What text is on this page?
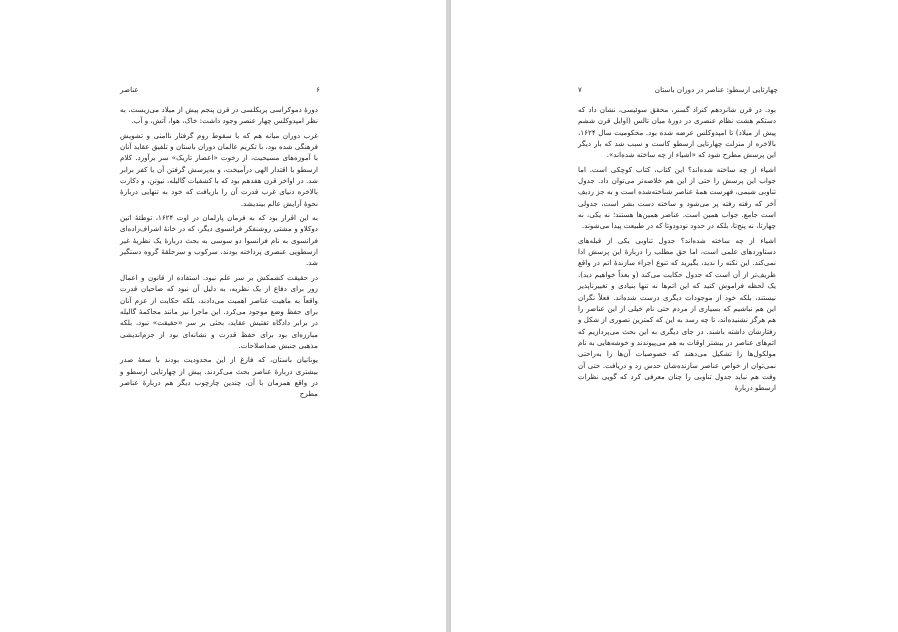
عناصر	۶

دورهٔ دموکراسی پریکلسی در قرن پنجم پیش از میلاد می‌زیست، به نظر امپدوکلس چهار عنصر وجود داشت: خاک، هوا، آتش، و آب.

غرب دوران میانه هم که با سقوط روم گرفتار ناامنی و تشویش فرهنگی شده بود، با تکریم عالمان دوران باستان و تلفیق عقاید آنان با آموزه‌های مسیحیت، از رخوت «اعصار تاریک» سر برآورد. کلام ارسطو با اقتدار الهی درآمیخت، و به‌پرسش گرفتن آن با کفر برابر شد. در اواخر قرن هفدهم بود که با کشفیات گالیله، نیوتن، و دکارت بالاخره دنیای غرب قدرت آن را بازیافت که خود به تنهایی دربارهٔ نحوهٔ آرایش عالم بیندیشد.

به این اقرار بود که به فرمان پارلمان در اوت ۱۶۲۴، توطئهٔ اتین دو‌کلاو و مشتی روشنفکر فرانسوی دیگر، که در خانهٔ اشراف‌زاده‌ای فرانسوی به نام فرانسوا دو سوسی به بحث دربارهٔ یک نظریهٔ غیر ارسطویی عنصری پرداخته بودند، سرکوب و سرحلقهٔ گروه دستگیر شد.

در حقیقت کشمکش بر سر علم نبود. استفاده از قانون و اعمال زور برای دفاع از یک نظریه، به دلیل آن نبود که صاحبان قدرت واقعاً به ماهیت عناصر اهمیت می‌دادند، بلکه حکایت از عزم آنان برای حفظ وضع موجود می‌کرد. این ماجرا نیز مانند محاکمهٔ گالیله در برابر دادگاه تفتیش عقاید، بحثی بر سر «حقیقت» نبود، بلکه مبارزه‌ای بود برای حفظ قدرت و نشانه‌ای بود از جزم‌اندیشی مذهبی جنبش ضداصلاحات.

یونانیان باستان، که فارغ از این محدودیت بودند با سعهٔ صدر بیشتری دربارهٔ عناصر بحث می‌کردند. پیش از چهارتایی ارسطو و در واقع همزمان با آن، چندین چارچوب دیگر هم دربارهٔ عناصر مطرح

۷	چهارتایی ارسطو: عناصر در دوران باستان

بود. در قرن شانزدهم کنراد گسنر، محقق سوئیسی، نشان داد که دستکم هشت نظام عنصری در دورهٔ میان تالس (اوایل قرن ششم پیش از میلاد) تا امپدوکلس عرضه شده بود. محکومیت سال ۱۶۲۴، بالاخره از منزلت چهارتایی ارسطو کاست و سبب شد که بار دیگر این پرسش مطرح شود که «اشیاء از چه ساخته شده‌اند».

اشیاء از چه ساخته شده‌اند؟ این کتاب، کتاب کوچکی است. اما جواب این پرسش را حتی از این هم خلاصه‌تر می‌توان داد. جدول تناوبی شیمی، فهرست همهٔ عناصر شناخته‌شده است و به جز ردیف آخر که رفته رفته پر می‌شود و ساخته دست بشر است، جدولی است جامع. جواب همین است. عناصر همین‌ها هستند؛ نه یکی، نه چهارتا، نه پنج‌تا، بلکه در حدود نودودوتا که در طبیعت پیدا می‌شوند.

اشیاء از چه ساخته شده‌اند؟ جدول تناوبی یکی از قبله‌های دستاوردهای علمی است، اما حق مطلب را دربارهٔ این پرسش ادا نمی‌کند. این نکته را ندید، بگیرید که تنوع اجزاء سازندهٔ اتم در واقع ظریف‌تر از آن است که جدول حکایت می‌کند (و بعداً خواهیم دید). یک لحظه فراموش کنید که این اتم‌ها نه تنها بنیادی و تغییرناپذیر نیستند، بلکه خود از موجودات دیگری درست شده‌اند. فعلاً نگران این هم نباشیم که بسیاری از مردم حتی نام خیلی از این عناصر را هم هرگز نشنیده‌اند، تا چه رسد به این که کمترین تصوری از شکل و رفتارشان داشته باشند. در جای دیگری به این بحث می‌پردازیم که اتم‌های عناصر در بیشتر اوقات به هم می‌پیوندند و خوشه‌هایی به نام مولکول‌ها را تشکیل می‌دهند که خصوصیات آن‌ها را به‌راحتی نمی‌توان از خواص عناصر سازنده‌شان حدس زد و دریافت. حتی آن وقت هم نباید جدول تناوبی را چنان معرفی کرد که گویی نظرات ارسطو دربارهٔ
